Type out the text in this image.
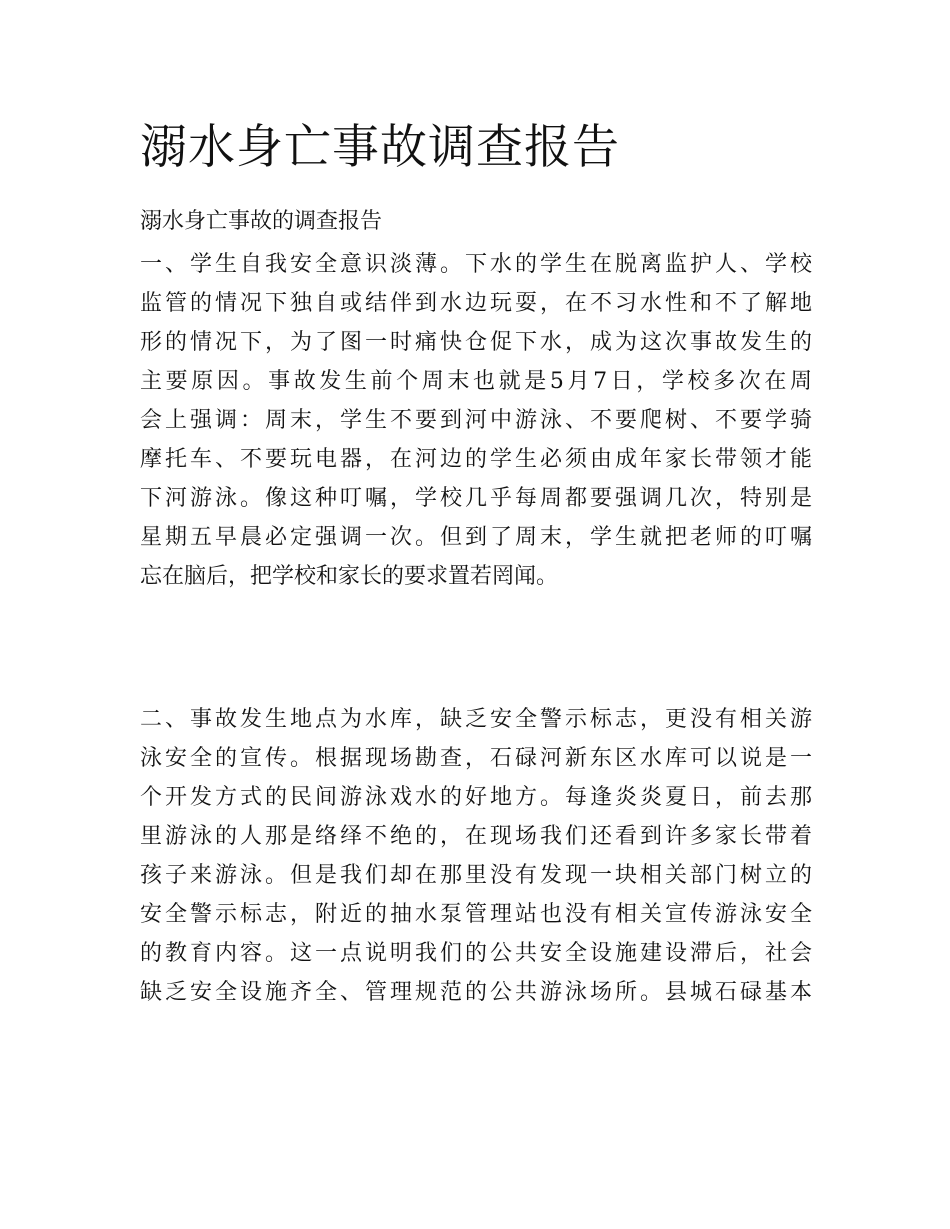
溺水身亡事故调查报告

溺水身亡事故的调查报告

一、学生自我安全意识淡薄。下水的学生在脱离监护人、学校
监管的情况下独自或结伴到水边玩耍，在不习水性和不了解地
形的情况下，为了图一时痛快仓促下水，成为这次事故发生的
主要原因。事故发生前个周末也就是5月7日，学校多次在周
会上强调：周末，学生不要到河中游泳、不要爬树、不要学骑
摩托车、不要玩电器，在河边的学生必须由成年家长带领才能
下河游泳。像这种叮嘱，学校几乎每周都要强调几次，特别是
星期五早晨必定强调一次。但到了周末，学生就把老师的叮嘱
忘在脑后，把学校和家长的要求置若罔闻。
二、事故发生地点为水库，缺乏安全警示标志，更没有相关游
泳安全的宣传。根据现场勘查，石碌河新东区水库可以说是一
个开发方式的民间游泳戏水的好地方。每逢炎炎夏日，前去那
里游泳的人那是络绎不绝的，在现场我们还看到许多家长带着
孩子来游泳。但是我们却在那里没有发现一块相关部门树立的
安全警示标志，附近的抽水泵管理站也没有相关宣传游泳安全
的教育内容。这一点说明我们的公共安全设施建设滞后，社会
缺乏安全设施齐全、管理规范的公共游泳场所。县城石碌基本
